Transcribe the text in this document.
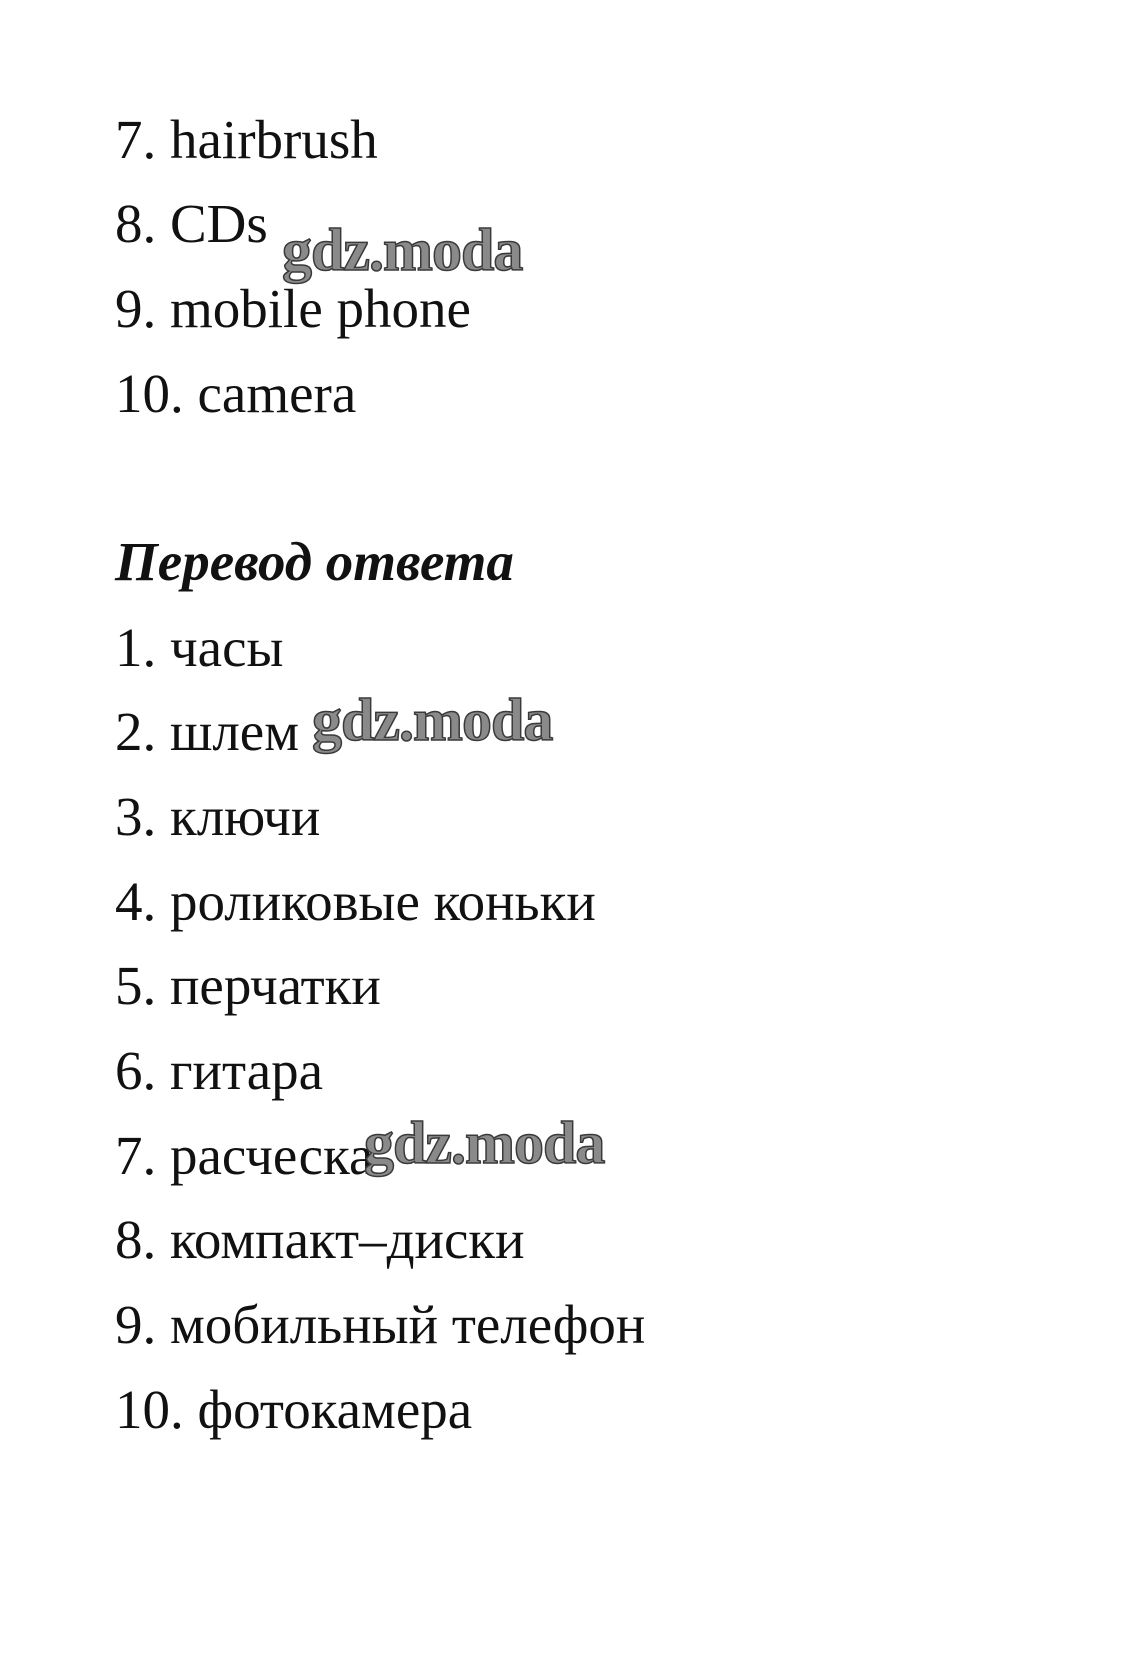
7. hairbrush
8. CDs
9. mobile phone
10. camera
Перевод ответа
1. часы
2. шлем
3. ключи
4. роликовые коньки
5. перчатки
6. гитара
7. расческа
8. компакт–диски
9. мобильный телефон
10. фотокамера
gdz.moda
gdz.moda
gdz.moda
